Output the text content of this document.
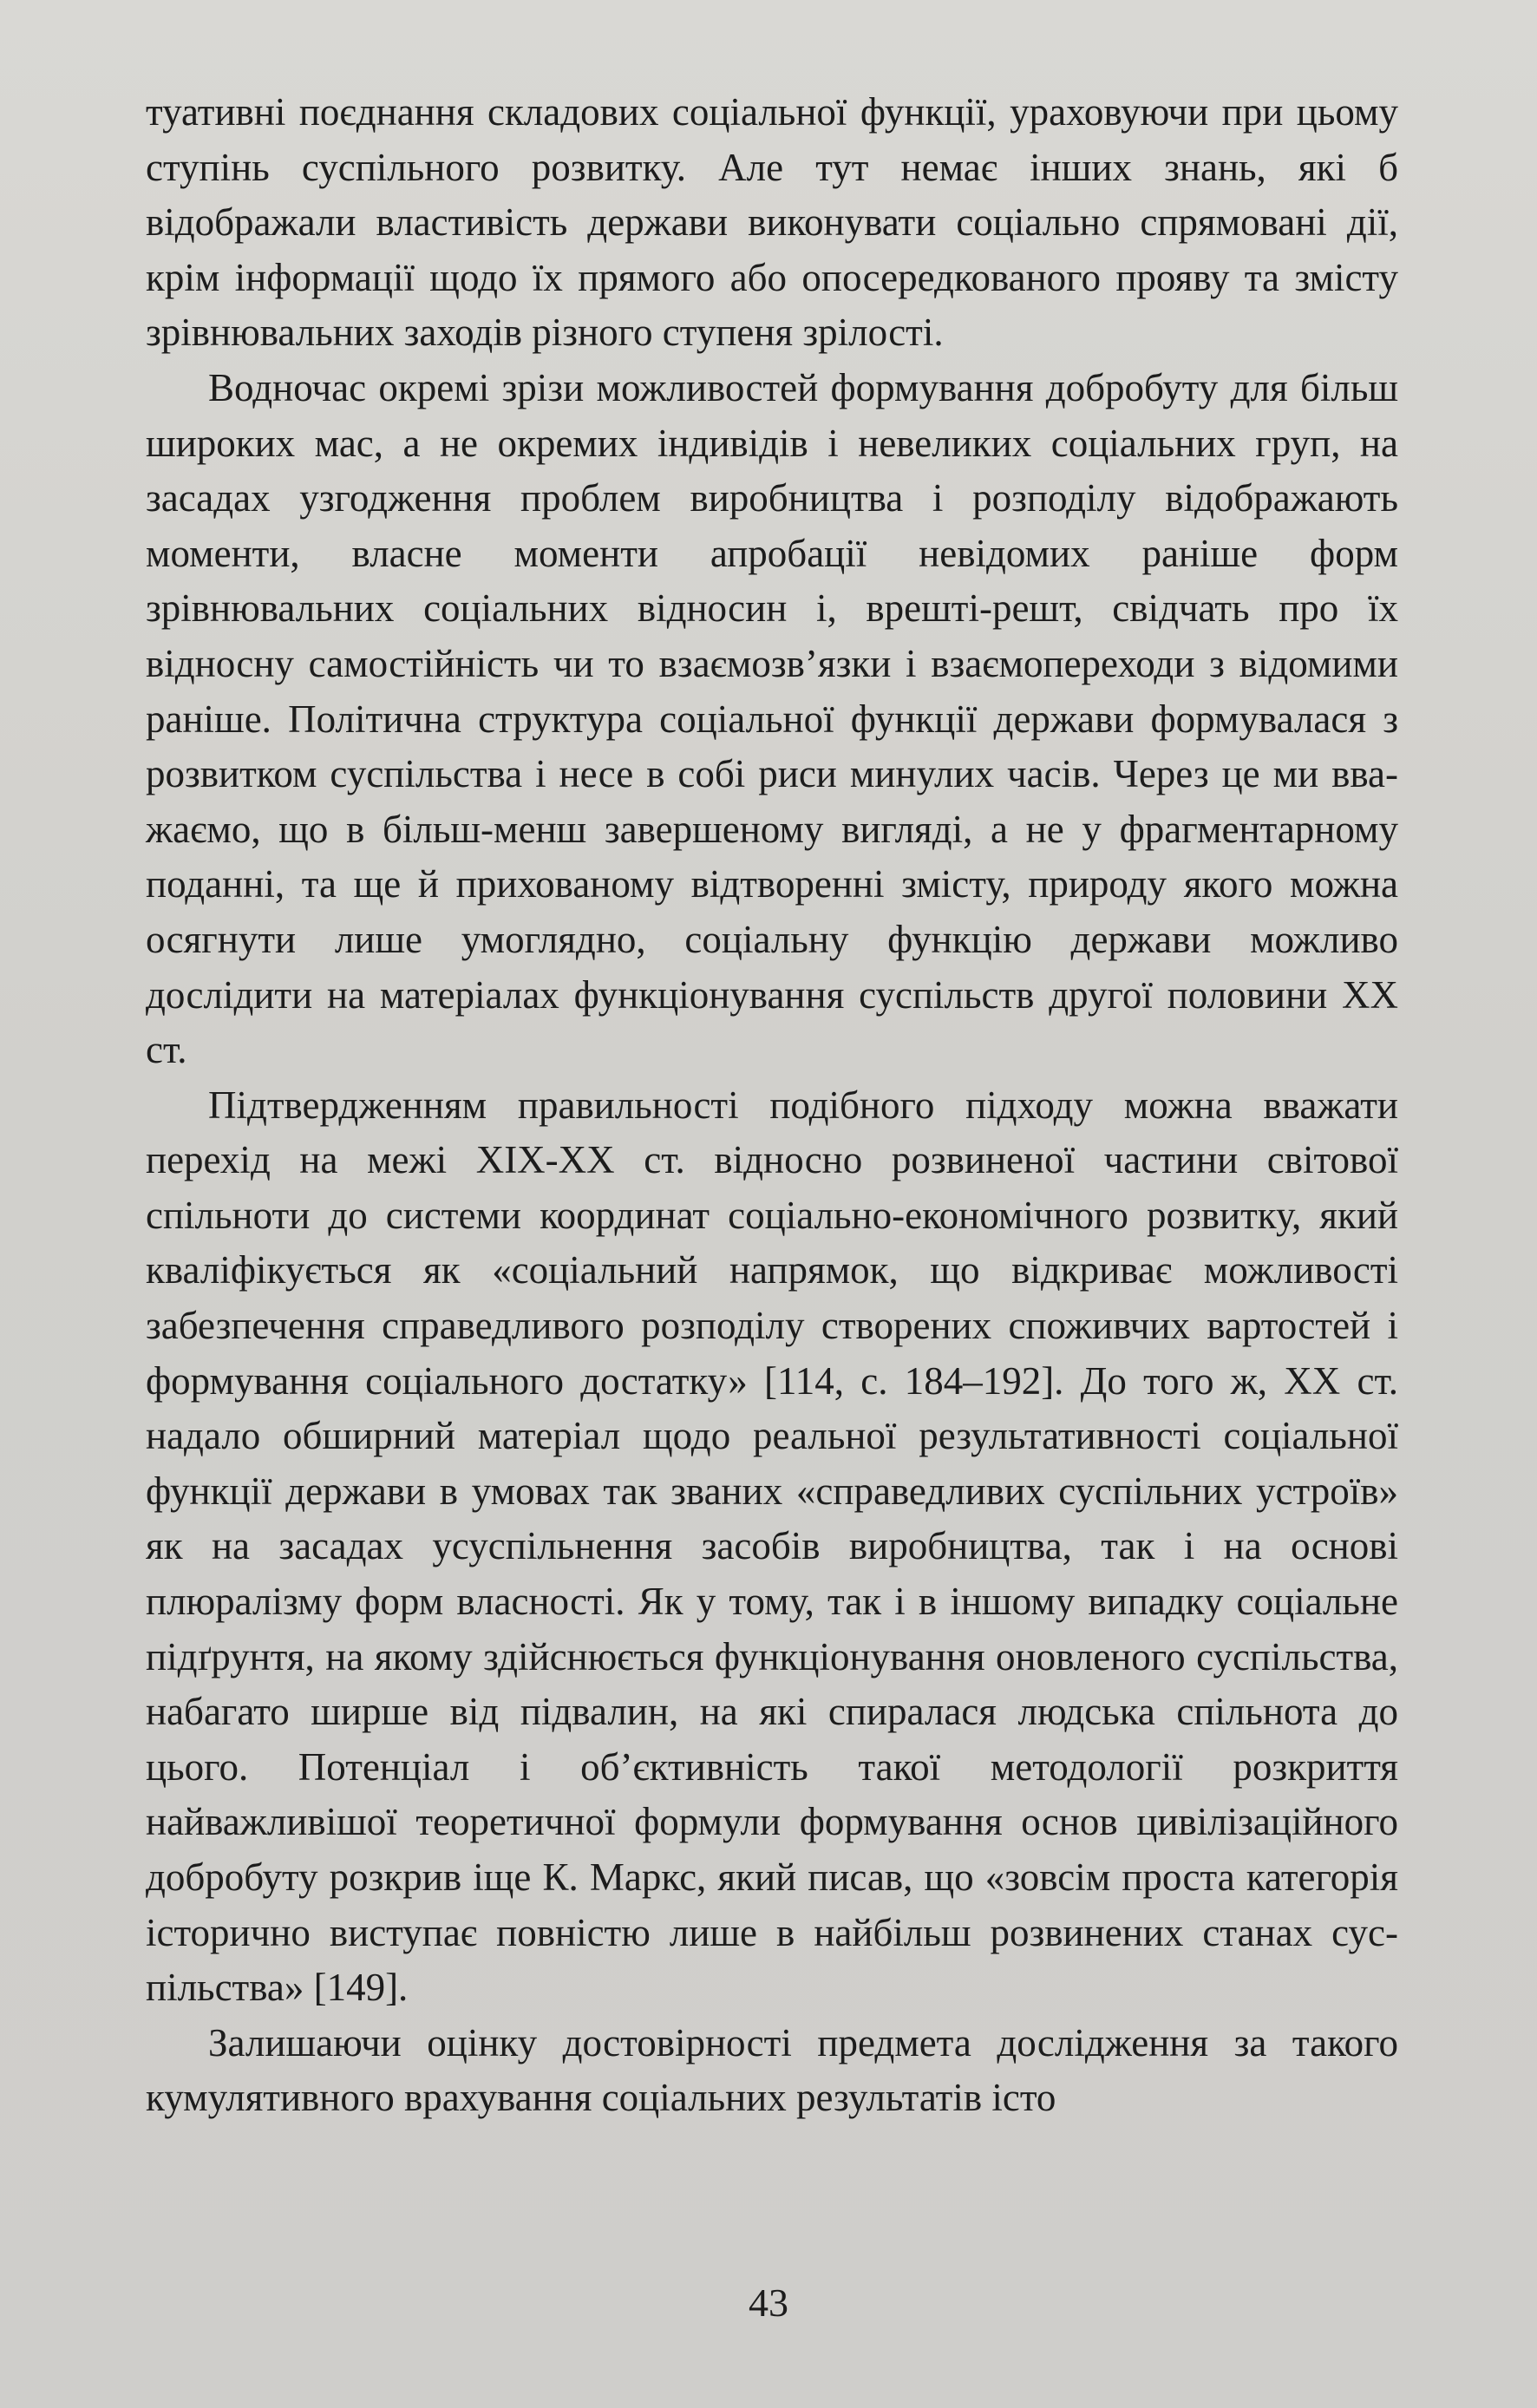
туативні поєднання складових соціальної функції, ураховуючи при цьому ступінь суспільного розвитку. Але тут немає інших знань, які б відображали властивість держави виконувати соціально спрямовані дії, крім інформації щодо їх прямого або опосередкованого прояву та змісту зрівнювальних заходів різного ступеня зрілості.

Водночас окремі зрізи можливостей формування добробуту для більш широких мас, а не окремих індивідів і невеликих соціальних груп, на засадах узгодження проблем виробництва і розподілу відображають моменти, власне моменти апробації невідомих раніше форм зрівнювальних соціальних відносин і, врешті-решт, свідчать про їх відносну самостійність чи то взаємозв’язки і взаємопереходи з відомими раніше. Політична структура соціальної функції держави формувалася з розвитком суспільства і несе в собі риси минулих часів. Через це ми вважаємо, що в більш-менш завершеному вигляді, а не у фрагментарному поданні, та ще й прихованому відтворенні змісту, природу якого можна осягнути лише умоглядно, соціальну функцію держави можливо дослідити на матеріалах функціонування суспільств другої половини XX ст.

Підтвердженням правильності подібного підходу можна вважати перехід на межі XIX-XX ст. відносно розвиненої частини світової спільноти до системи координат соціально-економічного розвитку, який кваліфікується як «соціальний напрямок, що відкриває можливості забезпечення справедливого розподілу створених споживчих вартостей і формування соціального достатку» [114, с. 184–192]. До того ж, XX ст. надало обширний матеріал щодо реальної результативності соціальної функції держави в умовах так званих «справедливих суспільних устроїв» як на засадах усуспільнення засобів виробництва, так і на основі плюралізму форм власності. Як у тому, так і в іншому випадку соціальне підґрунтя, на якому здійснюється функціонування оновленого суспільства, набагато ширше від підвалин, на які спиралася людська спільнота до цього. Потенціал і об’єктивність такої методології розкриття найважливішої теоретичної формули формування основ цивілізаційного добробуту розкрив іще К. Маркс, який писав, що «зовсім проста категорія історично виступає повністю лише в найбільш розвинених станах суспільства» [149].

Залишаючи оцінку достовірності предмета дослідження за такого кумулятивного врахування соціальних результатів істо

43
